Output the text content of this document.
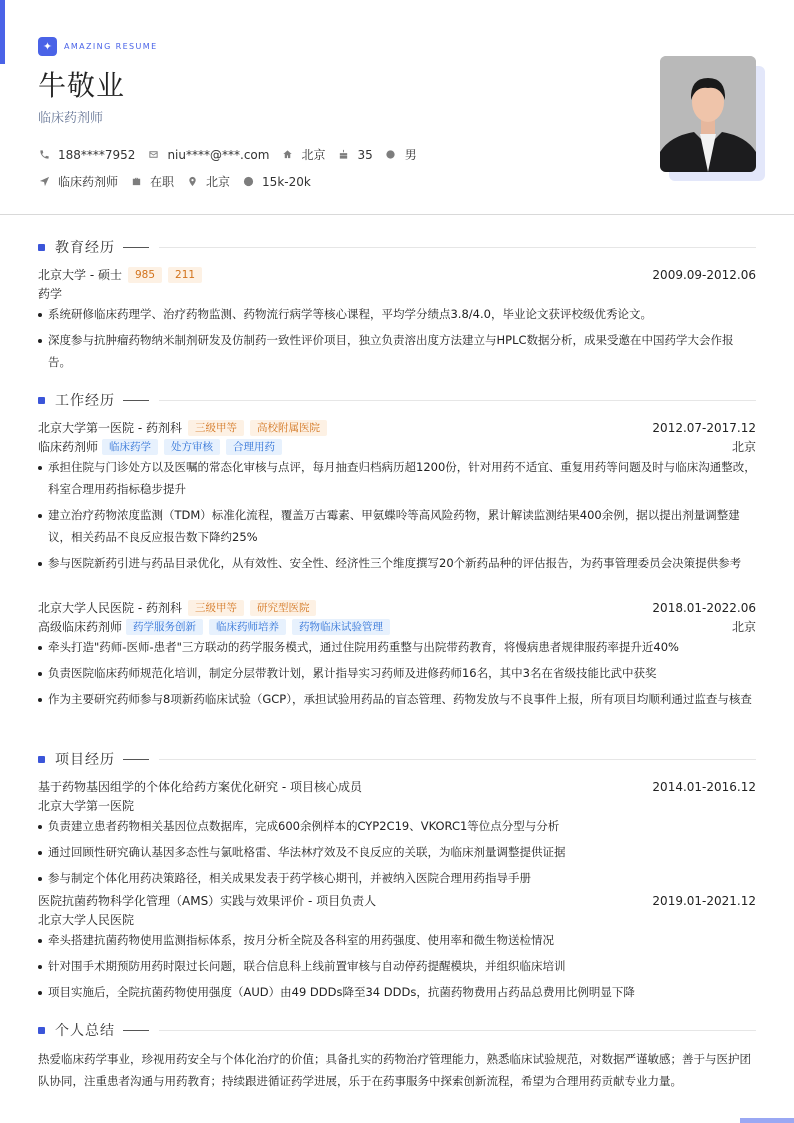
✦	AMAZING RESUME
牛敬业
临床药剂师
188****7952	niu****@***.com	北京	35	男
临床药剂师	在职	北京	15k-20k
教育经历
北京大学 - 硕士	985	211	2009.09-2012.06
药学
系统研修临床药理学、治疗药物监测、药物流行病学等核心课程，平均学分绩点3.8/4.0，毕业论文获评校级优秀论文。
深度参与抗肿瘤药物纳米制剂研发及仿制药一致性评价项目，独立负责溶出度方法建立与HPLC数据分析，成果受邀在中国药学大会作报告。
工作经历
北京大学第一医院 - 药剂科	三级甲等	高校附属医院	2012.07-2017.12
临床药剂师	临床药学	处方审核	合理用药	北京
承担住院与门诊处方以及医嘱的常态化审核与点评，每月抽查归档病历超1200份，针对用药不适宜、重复用药等问题及时与临床沟通整改，科室合理用药指标稳步提升
建立治疗药物浓度监测（TDM）标准化流程，覆盖万古霉素、甲氨蝶呤等高风险药物，累计解读监测结果400余例，据以提出剂量调整建议，相关药品不良反应报告数下降约25%
参与医院新药引进与药品目录优化，从有效性、安全性、经济性三个维度撰写20个新药品种的评估报告，为药事管理委员会决策提供参考
北京大学人民医院 - 药剂科	三级甲等	研究型医院	2018.01-2022.06
高级临床药剂师	药学服务创新	临床药师培养	药物临床试验管理	北京
牵头打造"药师-医师-患者"三方联动的药学服务模式，通过住院用药重整与出院带药教育，将慢病患者规律服药率提升近40%
负责医院临床药师规范化培训，制定分层带教计划，累计指导实习药师及进修药师16名，其中3名在省级技能比武中获奖
作为主要研究药师参与8项新药临床试验（GCP），承担试验用药品的盲态管理、药物发放与不良事件上报，所有项目均顺利通过监查与核查
项目经历
基于药物基因组学的个体化给药方案优化研究 - 项目核心成员	2014.01-2016.12
北京大学第一医院
负责建立患者药物相关基因位点数据库，完成600余例样本的CYP2C19、VKORC1等位点分型与分析
通过回顾性研究确认基因多态性与氯吡格雷、华法林疗效及不良反应的关联，为临床剂量调整提供证据
参与制定个体化用药决策路径，相关成果发表于药学核心期刊，并被纳入医院合理用药指导手册
医院抗菌药物科学化管理（AMS）实践与效果评价 - 项目负责人	2019.01-2021.12
北京大学人民医院
牵头搭建抗菌药物使用监测指标体系，按月分析全院及各科室的用药强度、使用率和微生物送检情况
针对围手术期预防用药时限过长问题，联合信息科上线前置审核与自动停药提醒模块，并组织临床培训
项目实施后，全院抗菌药物使用强度（AUD）由49 DDDs降至34 DDDs，抗菌药物费用占药品总费用比例明显下降
个人总结
热爱临床药学事业，珍视用药安全与个体化治疗的价值；具备扎实的药物治疗管理能力，熟悉临床试验规范，对数据严谨敏感；善于与医护团队协同，注重患者沟通与用药教育；持续跟进循证药学进展，乐于在药事服务中探索创新流程，希望为合理用药贡献专业力量。
